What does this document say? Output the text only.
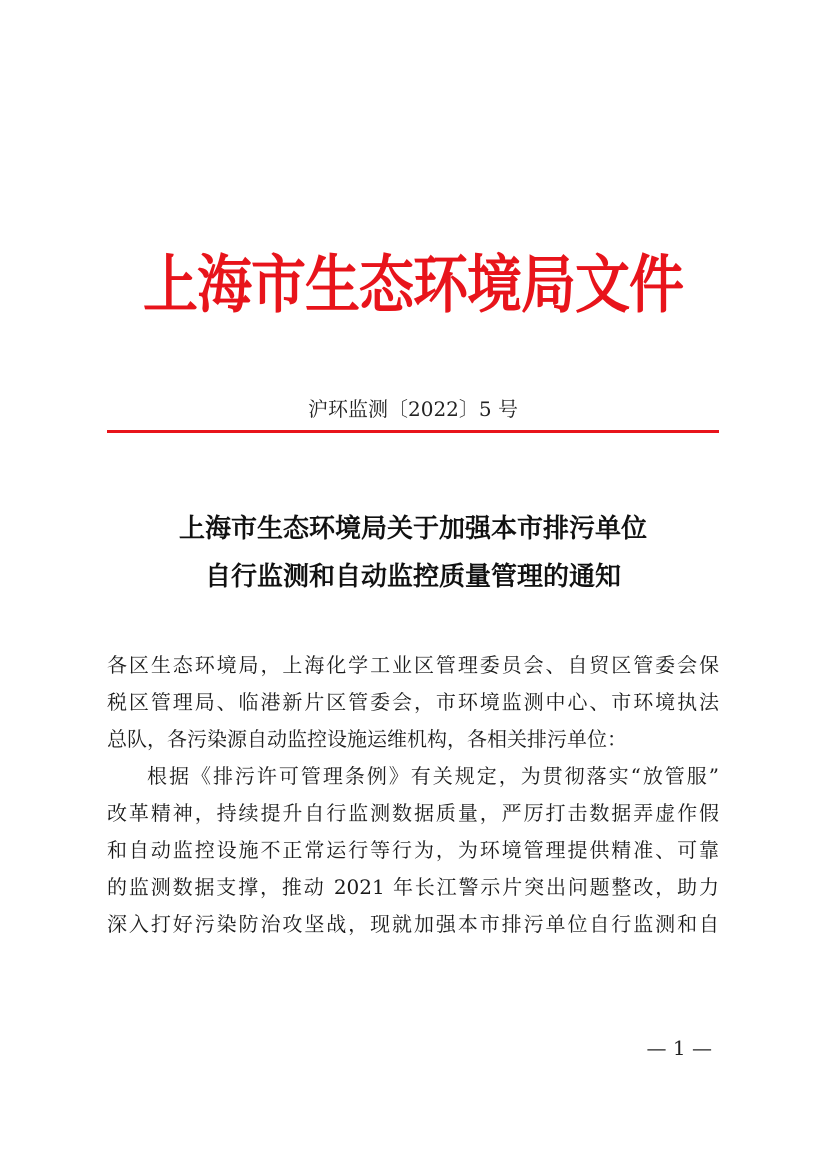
上海市生态环境局文件
沪环监测〔2022〕5 号
上海市生态环境局关于加强本市排污单位
自行监测和自动监控质量管理的通知
各区生态环境局，上海化学工业区管理委员会、自贸区管委会保
税区管理局、临港新片区管委会，市环境监测中心、市环境执法
总队，各污染源自动监控设施运维机构，各相关排污单位：
根据《排污许可管理条例》有关规定，为贯彻落实“放管服”
改革精神，持续提升自行监测数据质量，严厉打击数据弄虚作假
和自动监控设施不正常运行等行为，为环境管理提供精准、可靠
的监测数据支撑，推动 2021 年长江警示片突出问题整改，助力
深入打好污染防治攻坚战，现就加强本市排污单位自行监测和自
— 1 —
